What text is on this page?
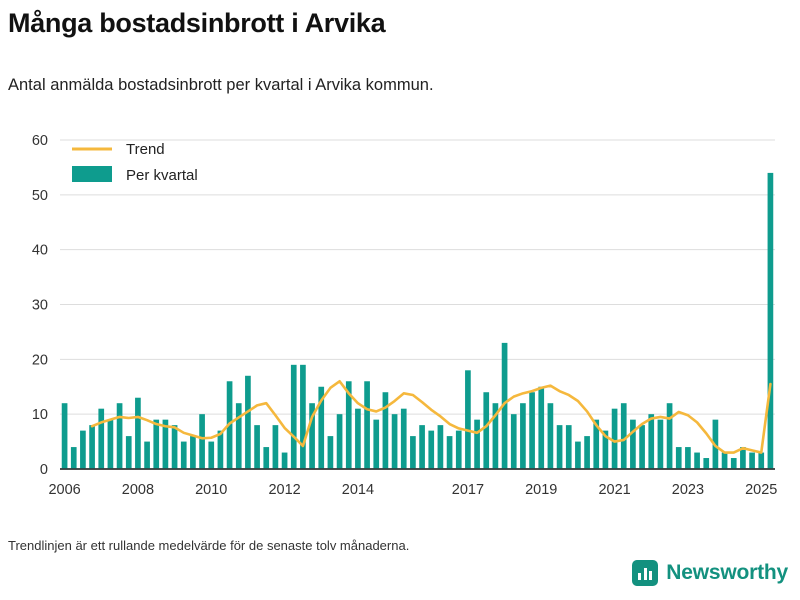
Många bostadsinbrott i Arvika
Antal anmälda bostadsinbrott per kvartal i Arvika kommun.
0
10
20
30
40
50
60
2006	2008	2010	2012	2014	2017	2019	2021	2023	2025
Trend
Per kvartal
Trendlinjen är ett rullande medelvärde för de senaste tolv månaderna.
Newsworthy
